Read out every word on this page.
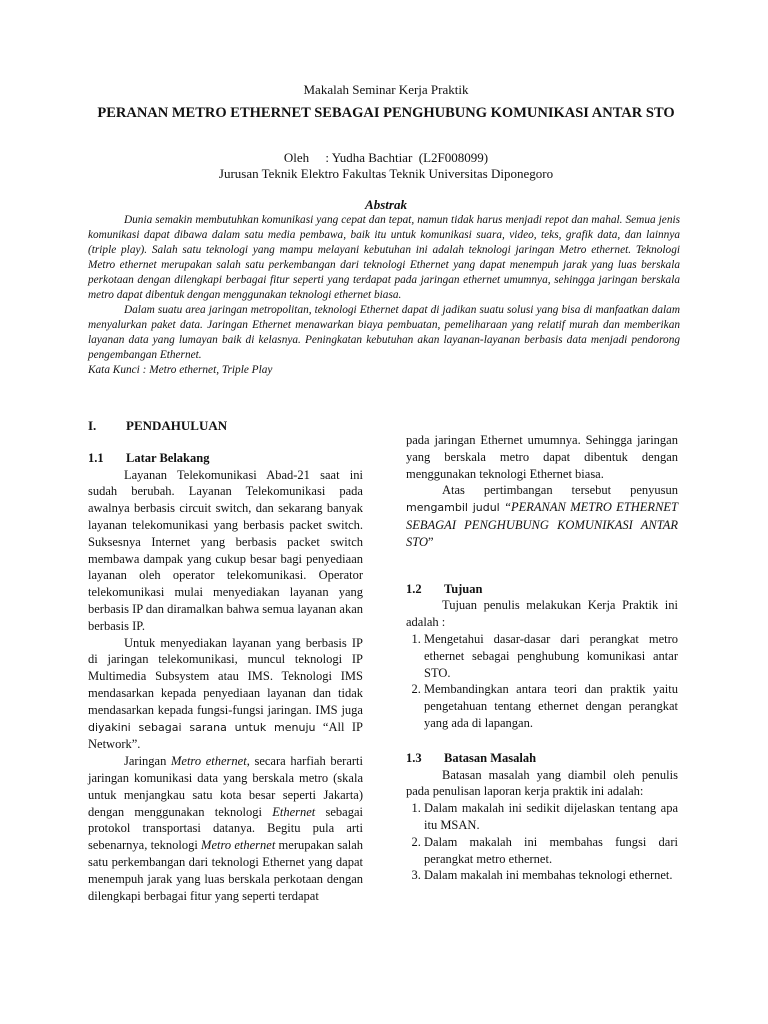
Makalah Seminar Kerja Praktik
PERANAN METRO ETHERNET SEBAGAI PENGHUBUNG KOMUNIKASI ANTAR STO
Oleh     : Yudha Bachtiar  (L2F008099)
Jurusan Teknik Elektro Fakultas Teknik Universitas Diponegoro
Abstrak

Dunia semakin membutuhkan komunikasi yang cepat dan tepat, namun tidak harus menjadi repot dan mahal. Semua jenis komunikasi dapat dibawa dalam satu media pembawa, baik itu untuk komunikasi suara, video, teks, grafik data, dan lainnya (triple play). Salah satu teknologi yang mampu melayani kebutuhan ini adalah teknologi jaringan Metro ethernet. Teknologi Metro ethernet merupakan salah satu perkembangan dari teknologi Ethernet yang dapat menempuh jarak yang luas berskala perkotaan dengan dilengkapi berbagai fitur seperti yang terdapat pada jaringan ethernet umumnya, sehingga jaringan berskala metro dapat dibentuk dengan menggunakan teknologi ethernet biasa.

Dalam suatu area jaringan metropolitan, teknologi Ethernet dapat di jadikan suatu solusi yang bisa di manfaatkan dalam menyalurkan paket data. Jaringan Ethernet menawarkan biaya pembuatan, pemeliharaan yang relatif murah dan memberikan layanan data yang lumayan baik di kelasnya. Peningkatan kebutuhan akan layanan-layanan berbasis data menjadi pendorong pengembangan Ethernet.

Kata Kunci : Metro ethernet, Triple Play

I.	PENDAHULUAN
1.1	Latar Belakang

Layanan Telekomunikasi Abad-21 saat ini sudah berubah. Layanan Telekomunikasi pada awalnya berbasis circuit switch, dan sekarang banyak layanan telekomunikasi yang berbasis packet switch. Suksesnya Internet yang berbasis packet switch membawa dampak yang cukup besar bagi penyediaan layanan oleh operator telekomunikasi. Operator telekomunikasi mulai menyediakan layanan yang berbasis IP dan diramalkan bahwa semua layanan akan berbasis IP.

Untuk menyediakan layanan yang berbasis IP di jaringan telekomunikasi, muncul teknologi IP Multimedia Subsystem atau IMS. Teknologi IMS mendasarkan kepada penyediaan layanan dan tidak mendasarkan kepada fungsi-fungsi jaringan. IMS juga diyakini sebagai sarana untuk menuju “All IP Network”.

Jaringan Metro ethernet, secara harfiah berarti jaringan komunikasi data yang berskala metro (skala untuk menjangkau satu kota besar seperti Jakarta) dengan menggunakan teknologi Ethernet sebagai protokol transportasi datanya. Begitu pula arti sebenarnya, teknologi Metro ethernet merupakan salah satu perkembangan dari teknologi Ethernet yang dapat menempuh jarak yang luas berskala perkotaan dengan dilengkapi berbagai fitur yang seperti terdapat

pada jaringan Ethernet umumnya. Sehingga jaringan yang berskala metro dapat dibentuk dengan menggunakan teknologi Ethernet biasa.

Atas pertimbangan tersebut penyusun mengambil judul “PERANAN METRO ETHERNET SEBAGAI PENGHUBUNG KOMUNIKASI ANTAR STO”

1.2	Tujuan

Tujuan penulis melakukan Kerja Praktik ini adalah :

1. Mengetahui dasar-dasar dari perangkat metro ethernet sebagai penghubung komunikasi antar STO.
2. Membandingkan antara teori dan praktik yaitu pengetahuan tentang ethernet dengan perangkat yang ada di lapangan.
1.3	Batasan Masalah

Batasan masalah yang diambil oleh penulis pada penulisan laporan kerja praktik ini adalah:

1. Dalam makalah ini sedikit dijelaskan tentang apa itu MSAN.
2. Dalam makalah ini membahas fungsi dari perangkat metro ethernet.
3. Dalam makalah ini membahas teknologi ethernet.
